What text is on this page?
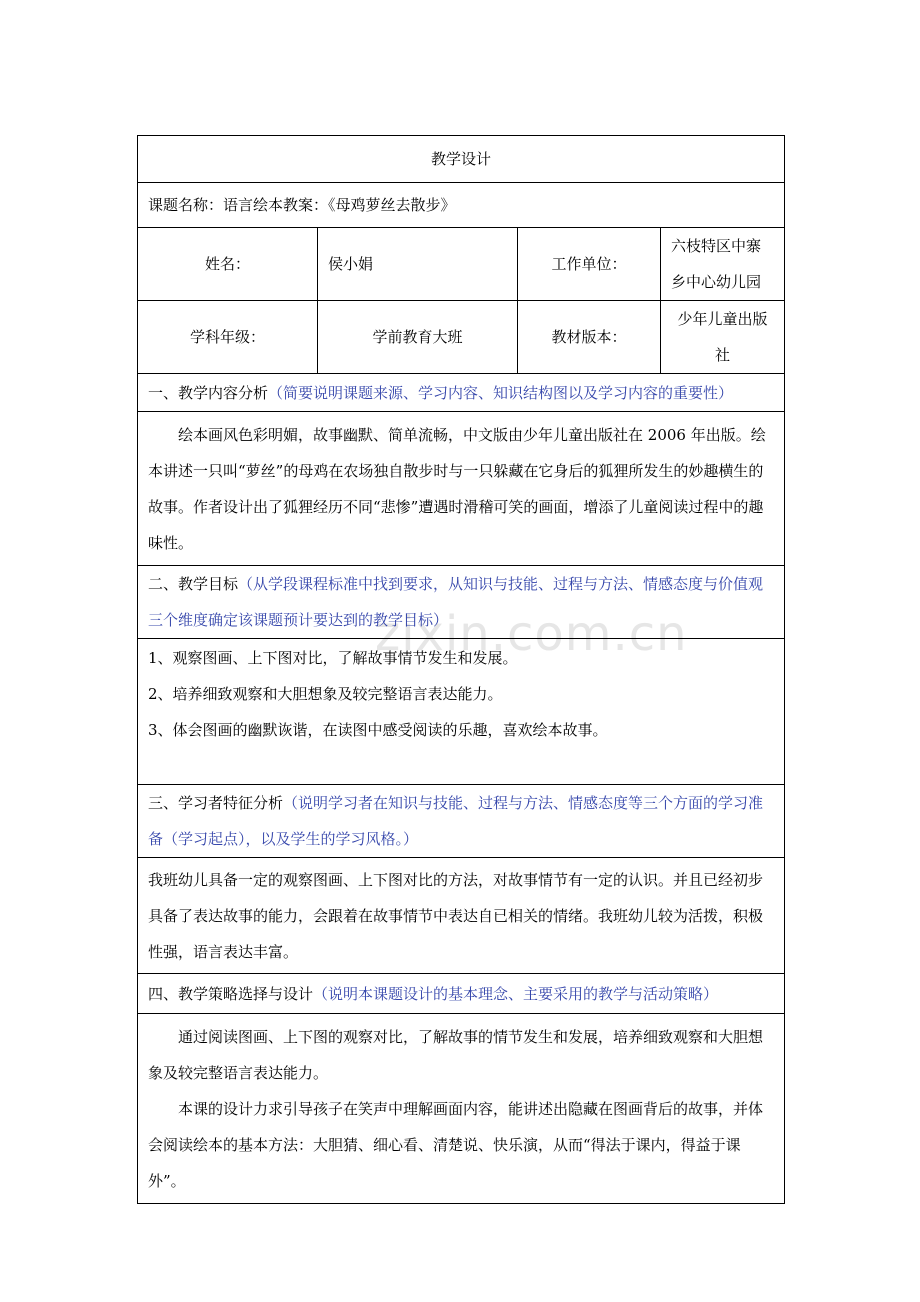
zixin.com.cn
教学设计			
课题名称：语言绘本教案：《母鸡萝丝去散步》			
姓名：	侯小娟	工作单位：	六枝特区中寨乡中心幼儿园
学科年级：	学前教育大班	教材版本：	少年儿童出版社
一、教学内容分析（简要说明课题来源、学习内容、知识结构图以及学习内容的重要性）			
绘本画风色彩明媚，故事幽默、简单流畅，中文版由少年儿童出版社在 2006 年出版。绘本讲述一只叫“萝丝”的母鸡在农场独自散步时与一只躲藏在它身后的狐狸所发生的妙趣横生的故事。作者设计出了狐狸经历不同“悲惨”遭遇时滑稽可笑的画面，增添了儿童阅读过程中的趣味性。			
二、教学目标（从学段课程标准中找到要求，从知识与技能、过程与方法、情感态度与价值观三个维度确定该课题预计要达到的教学目标）			

1、观察图画、上下图对比，了解故事情节发生和发展。

2、培养细致观察和大胆想象及较完整语言表达能力。

3、体会图画的幽默诙谐，在读图中感受阅读的乐趣，喜欢绘本故事。			

三、学习者特征分析（说明学习者在知识与技能、过程与方法、情感态度等三个方面的学习准备（学习起点），以及学生的学习风格。）			
我班幼儿具备一定的观察图画、上下图对比的方法，对故事情节有一定的认识。并且已经初步具备了表达故事的能力，会跟着在故事情节中表达自已相关的情绪。我班幼儿较为活拨，积极性强，语言表达丰富。			
四、教学策略选择与设计（说明本课题设计的基本理念、主要采用的教学与活动策略）			

通过阅读图画、上下图的观察对比，了解故事的情节发生和发展，培养细致观察和大胆想象及较完整语言表达能力。

本课的设计力求引导孩子在笑声中理解画面内容，能讲述出隐藏在图画背后的故事，并体会阅读绘本的基本方法：大胆猜、细心看、清楚说、快乐演，从而“得法于课内，得益于课外”。			
